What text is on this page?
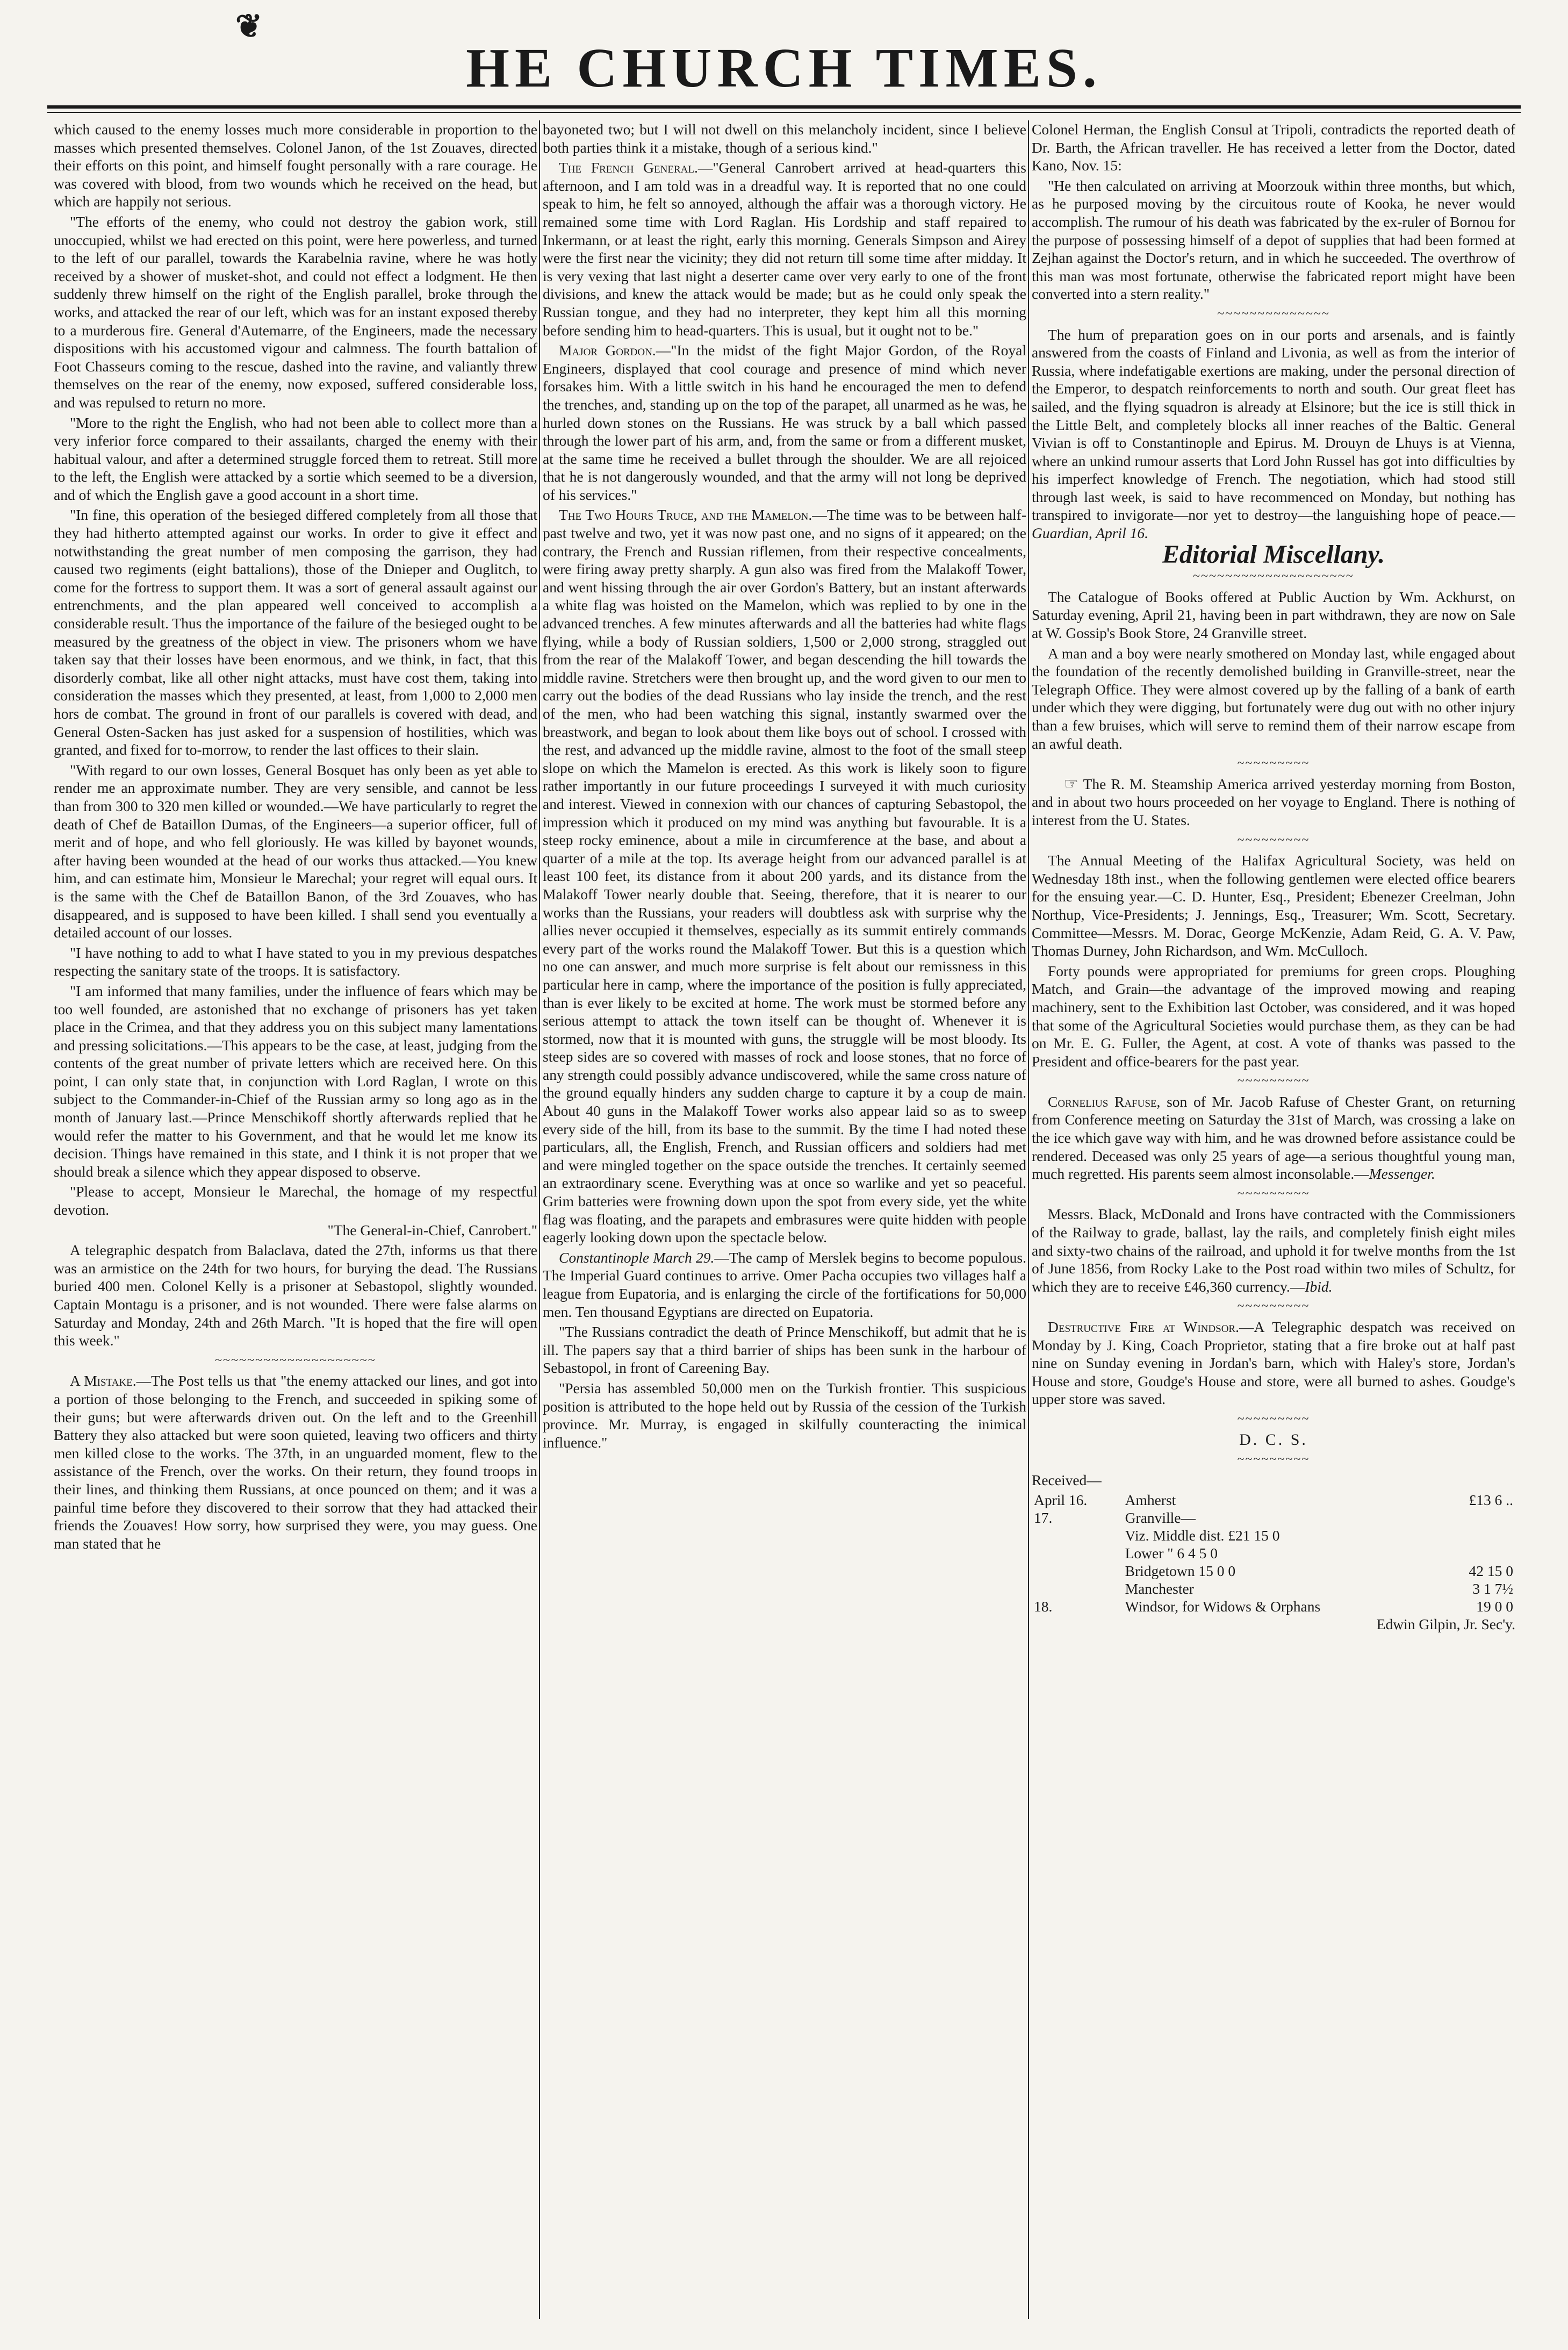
❦
HE CHURCH TIMES.

which caused to the enemy losses much more considerable in proportion to the masses which presented themselves. Colonel Janon, of the 1st Zouaves, directed their efforts on this point, and himself fought personally with a rare courage. He was covered with blood, from two wounds which he received on the head, but which are happily not serious.

"The efforts of the enemy, who could not destroy the gabion work, still unoccupied, whilst we had erected on this point, were here powerless, and turned to the left of our parallel, towards the Karabelnia ravine, where he was hotly received by a shower of musket-shot, and could not effect a lodgment. He then suddenly threw himself on the right of the English parallel, broke through the works, and attacked the rear of our left, which was for an instant exposed thereby to a murderous fire. General d'Autemarre, of the Engineers, made the necessary dispositions with his accustomed vigour and calmness. The fourth battalion of Foot Chasseurs coming to the rescue, dashed into the ravine, and valiantly threw themselves on the rear of the enemy, now exposed, suffered considerable loss, and was repulsed to return no more.

"More to the right the English, who had not been able to collect more than a very inferior force compared to their assailants, charged the enemy with their habitual valour, and after a determined struggle forced them to retreat. Still more to the left, the English were attacked by a sortie which seemed to be a diversion, and of which the English gave a good account in a short time.

"In fine, this operation of the besieged differed completely from all those that they had hitherto attempted against our works. In order to give it effect and notwithstanding the great number of men composing the garrison, they had caused two regiments (eight battalions), those of the Dnieper and Ouglitch, to come for the fortress to support them. It was a sort of general assault against our entrenchments, and the plan appeared well conceived to accomplish a considerable result. Thus the importance of the failure of the besieged ought to be measured by the greatness of the object in view. The prisoners whom we have taken say that their losses have been enormous, and we think, in fact, that this disorderly combat, like all other night attacks, must have cost them, taking into consideration the masses which they presented, at least, from 1,000 to 2,000 men hors de combat. The ground in front of our parallels is covered with dead, and General Osten-Sacken has just asked for a suspension of hostilities, which was granted, and fixed for to-morrow, to render the last offices to their slain.

"With regard to our own losses, General Bosquet has only been as yet able to render me an approximate number. They are very sensible, and cannot be less than from 300 to 320 men killed or wounded.—We have particularly to regret the death of Chef de Bataillon Dumas, of the Engineers—a superior officer, full of merit and of hope, and who fell gloriously. He was killed by bayonet wounds, after having been wounded at the head of our works thus attacked.—You knew him, and can estimate him, Monsieur le Marechal; your regret will equal ours. It is the same with the Chef de Bataillon Banon, of the 3rd Zouaves, who has disappeared, and is supposed to have been killed. I shall send you eventually a detailed account of our losses.

"I have nothing to add to what I have stated to you in my previous despatches respecting the sanitary state of the troops. It is satisfactory.

"I am informed that many families, under the influence of fears which may be too well founded, are astonished that no exchange of prisoners has yet taken place in the Crimea, and that they address you on this subject many lamentations and pressing solicitations.—This appears to be the case, at least, judging from the contents of the great number of private letters which are received here. On this point, I can only state that, in conjunction with Lord Raglan, I wrote on this subject to the Commander-in-Chief of the Russian army so long ago as in the month of January last.—Prince Menschikoff shortly afterwards replied that he would refer the matter to his Government, and that he would let me know its decision. Things have remained in this state, and I think it is not proper that we should break a silence which they appear disposed to observe.

"Please to accept, Monsieur le Marechal, the homage of my respectful devotion.

"The General-in-Chief, Canrobert."

A telegraphic despatch from Balaclava, dated the 27th, informs us that there was an armistice on the 24th for two hours, for burying the dead. The Russians buried 400 men. Colonel Kelly is a prisoner at Sebastopol, slightly wounded. Captain Montagu is a prisoner, and is not wounded. There were false alarms on Saturday and Monday, 24th and 26th March. "It is hoped that the fire will open this week."

~~~~~~~~~~~~~~~~~~~~

A Mistake.—The Post tells us that "the enemy attacked our lines, and got into a portion of those belonging to the French, and succeeded in spiking some of their guns; but were afterwards driven out. On the left and to the Greenhill Battery they also attacked but were soon quieted, leaving two officers and thirty men killed close to the works. The 37th, in an unguarded moment, flew to the assistance of the French, over the works. On their return, they found troops in their lines, and thinking them Russians, at once pounced on them; and it was a painful time before they discovered to their sorrow that they had attacked their friends the Zouaves! How sorry, how surprised they were, you may guess. One man stated that he

bayoneted two; but I will not dwell on this melancholy incident, since I believe both parties think it a mistake, though of a serious kind."

The French General.—"General Canrobert arrived at head-quarters this afternoon, and I am told was in a dreadful way. It is reported that no one could speak to him, he felt so annoyed, although the affair was a thorough victory. He remained some time with Lord Raglan. His Lordship and staff repaired to Inkermann, or at least the right, early this morning. Generals Simpson and Airey were the first near the vicinity; they did not return till some time after midday. It is very vexing that last night a deserter came over very early to one of the front divisions, and knew the attack would be made; but as he could only speak the Russian tongue, and they had no interpreter, they kept him all this morning before sending him to head-quarters. This is usual, but it ought not to be."

Major Gordon.—"In the midst of the fight Major Gordon, of the Royal Engineers, displayed that cool courage and presence of mind which never forsakes him. With a little switch in his hand he encouraged the men to defend the trenches, and, standing up on the top of the parapet, all unarmed as he was, he hurled down stones on the Russians. He was struck by a ball which passed through the lower part of his arm, and, from the same or from a different musket, at the same time he received a bullet through the shoulder. We are all rejoiced that he is not dangerously wounded, and that the army will not long be deprived of his services."

The Two Hours Truce, and the Mamelon.—The time was to be between half-past twelve and two, yet it was now past one, and no signs of it appeared; on the contrary, the French and Russian riflemen, from their respective concealments, were firing away pretty sharply. A gun also was fired from the Malakoff Tower, and went hissing through the air over Gordon's Battery, but an instant afterwards a white flag was hoisted on the Mamelon, which was replied to by one in the advanced trenches. A few minutes afterwards and all the batteries had white flags flying, while a body of Russian soldiers, 1,500 or 2,000 strong, straggled out from the rear of the Malakoff Tower, and began descending the hill towards the middle ravine. Stretchers were then brought up, and the word given to our men to carry out the bodies of the dead Russians who lay inside the trench, and the rest of the men, who had been watching this signal, instantly swarmed over the breastwork, and began to look about them like boys out of school. I crossed with the rest, and advanced up the middle ravine, almost to the foot of the small steep slope on which the Mamelon is erected. As this work is likely soon to figure rather importantly in our future proceedings I surveyed it with much curiosity and interest. Viewed in connexion with our chances of capturing Sebastopol, the impression which it produced on my mind was anything but favourable. It is a steep rocky eminence, about a mile in circumference at the base, and about a quarter of a mile at the top. Its average height from our advanced parallel is at least 100 feet, its distance from it about 200 yards, and its distance from the Malakoff Tower nearly double that. Seeing, therefore, that it is nearer to our works than the Russians, your readers will doubtless ask with surprise why the allies never occupied it themselves, especially as its summit entirely commands every part of the works round the Malakoff Tower. But this is a question which no one can answer, and much more surprise is felt about our remissness in this particular here in camp, where the importance of the position is fully appreciated, than is ever likely to be excited at home. The work must be stormed before any serious attempt to attack the town itself can be thought of. Whenever it is stormed, now that it is mounted with guns, the struggle will be most bloody. Its steep sides are so covered with masses of rock and loose stones, that no force of any strength could possibly advance undiscovered, while the same cross nature of the ground equally hinders any sudden charge to capture it by a coup de main. About 40 guns in the Malakoff Tower works also appear laid so as to sweep every side of the hill, from its base to the summit. By the time I had noted these particulars, all, the English, French, and Russian officers and soldiers had met and were mingled together on the space outside the trenches. It certainly seemed an extraordinary scene. Everything was at once so warlike and yet so peaceful. Grim batteries were frowning down upon the spot from every side, yet the white flag was floating, and the parapets and embrasures were quite hidden with people eagerly looking down upon the spectacle below.

Constantinople March 29.—The camp of Merslek begins to become populous. The Imperial Guard continues to arrive. Omer Pacha occupies two villages half a league from Eupatoria, and is enlarging the circle of the fortifications for 50,000 men. Ten thousand Egyptians are directed on Eupatoria.

"The Russians contradict the death of Prince Menschikoff, but admit that he is ill. The papers say that a third barrier of ships has been sunk in the harbour of Sebastopol, in front of Careening Bay.

"Persia has assembled 50,000 men on the Turkish frontier. This suspicious position is attributed to the hope held out by Russia of the cession of the Turkish province. Mr. Murray, is engaged in skilfully counteracting the inimical influence."

Colonel Herman, the English Consul at Tripoli, contradicts the reported death of Dr. Barth, the African traveller. He has received a letter from the Doctor, dated Kano, Nov. 15:

"He then calculated on arriving at Moorzouk within three months, but which, as he purposed moving by the circuitous route of Kooka, he never would accomplish. The rumour of his death was fabricated by the ex-ruler of Bornou for the purpose of possessing himself of a depot of supplies that had been formed at Zejhan against the Doctor's return, and in which he succeeded. The overthrow of this man was most fortunate, otherwise the fabricated report might have been converted into a stern reality."

~~~~~~~~~~~~~~

The hum of preparation goes on in our ports and arsenals, and is faintly answered from the coasts of Finland and Livonia, as well as from the interior of Russia, where indefatigable exertions are making, under the personal direction of the Emperor, to despatch reinforcements to north and south. Our great fleet has sailed, and the flying squadron is already at Elsinore; but the ice is still thick in the Little Belt, and completely blocks all inner reaches of the Baltic. General Vivian is off to Constantinople and Epirus. M. Drouyn de Lhuys is at Vienna, where an unkind rumour asserts that Lord John Russel has got into difficulties by his imperfect knowledge of French. The negotiation, which had stood still through last week, is said to have recommenced on Monday, but nothing has transpired to invigorate—nor yet to destroy—the languishing hope of peace.—Guardian, April 16.

Editorial Miscellany.
~~~~~~~~~~~~~~~~~~~~

The Catalogue of Books offered at Public Auction by Wm. Ackhurst, on Saturday evening, April 21, having been in part withdrawn, they are now on Sale at W. Gossip's Book Store, 24 Granville street.

A man and a boy were nearly smothered on Monday last, while engaged about the foundation of the recently demolished building in Granville-street, near the Telegraph Office. They were almost covered up by the falling of a bank of earth under which they were digging, but fortunately were dug out with no other injury than a few bruises, which will serve to remind them of their narrow escape from an awful death.

~~~~~~~~~

☞ The R. M. Steamship America arrived yesterday morning from Boston, and in about two hours proceeded on her voyage to England. There is nothing of interest from the U. States.

~~~~~~~~~

The Annual Meeting of the Halifax Agricultural Society, was held on Wednesday 18th inst., when the following gentlemen were elected office bearers for the ensuing year.—C. D. Hunter, Esq., President; Ebenezer Creelman, John Northup, Vice-Presidents; J. Jennings, Esq., Treasurer; Wm. Scott, Secretary. Committee—Messrs. M. Dorac, George McKenzie, Adam Reid, G. A. V. Paw, Thomas Durney, John Richardson, and Wm. McCulloch.

Forty pounds were appropriated for premiums for green crops. Ploughing Match, and Grain—the advantage of the improved mowing and reaping machinery, sent to the Exhibition last October, was considered, and it was hoped that some of the Agricultural Societies would purchase them, as they can be had on Mr. E. G. Fuller, the Agent, at cost. A vote of thanks was passed to the President and office-bearers for the past year.

~~~~~~~~~

Cornelius Rafuse, son of Mr. Jacob Rafuse of Chester Grant, on returning from Conference meeting on Saturday the 31st of March, was crossing a lake on the ice which gave way with him, and he was drowned before assistance could be rendered. Deceased was only 25 years of age—a serious thoughtful young man, much regretted. His parents seem almost inconsolable.—Messenger.

~~~~~~~~~

Messrs. Black, McDonald and Irons have contracted with the Commissioners of the Railway to grade, ballast, lay the rails, and completely finish eight miles and sixty-two chains of the railroad, and uphold it for twelve months from the 1st of June 1856, from Rocky Lake to the Post road within two miles of Schultz, for which they are to receive £46,360 currency.—Ibid.

~~~~~~~~~

Destructive Fire at Windsor.—A Telegraphic despatch was received on Monday by J. King, Coach Proprietor, stating that a fire broke out at half past nine on Sunday evening in Jordan's barn, which with Haley's store, Jordan's House and store, Goudge's House and store, were all burned to ashes. Goudge's upper store was saved.

~~~~~~~~~
D. C. S.
~~~~~~~~~

Received—

April 16.	Amherst	£13 6 ..
17.	Granville—	
	Viz. Middle dist. £21 15 0	
	Lower " 6 4 5 0	
	Bridgetown 15 0 0	42 15 0
	Manchester	3 1 7½
18.	Windsor, for Widows & Orphans	19 0 0

Edwin Gilpin, Jr. Sec'y.
